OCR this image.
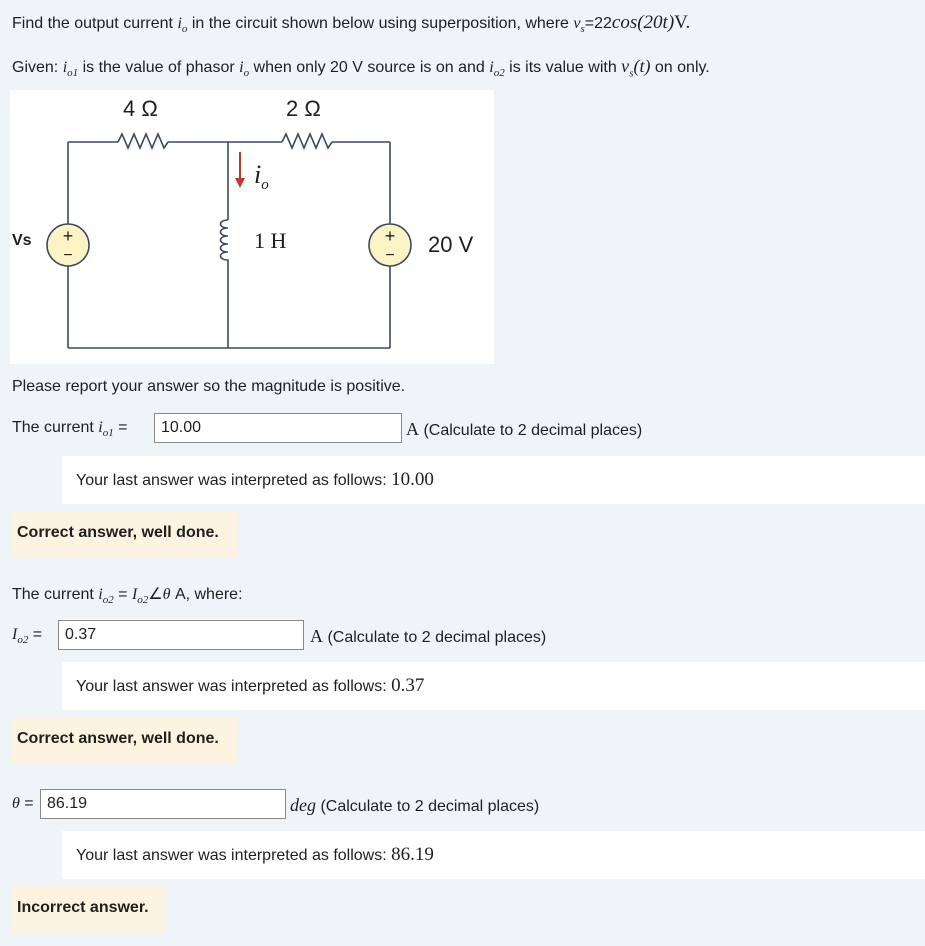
Find the output current $i_o$ in the circuit shown below using superposition, where $v_s=22\cos(20t)V$.
Given: $i_{o1}$ is the value of phasor $i_o$ when only 20 V source is on and $i_{o2}$ is its value with $v_s(t)$ on only.
+
−
+
−
4 Ω	2 Ω
1 H
Vs	20 V
$i_o$
Please report your answer so the magnitude is positive.
The current $i_{o1}$ =
10.00	A (Calculate to 2 decimal places)
Your last answer was interpreted as follows: 10.00
Correct answer, well done.
The current $i_{o2}$ = $I_{o2}\angle\theta$ A, where:
$I_{o2}$ =
0.37	A (Calculate to 2 decimal places)
Your last answer was interpreted as follows: 0.37
Correct answer, well done.
θ =
86.19	deg (Calculate to 2 decimal places)
Your last answer was interpreted as follows: 86.19
Incorrect answer.
